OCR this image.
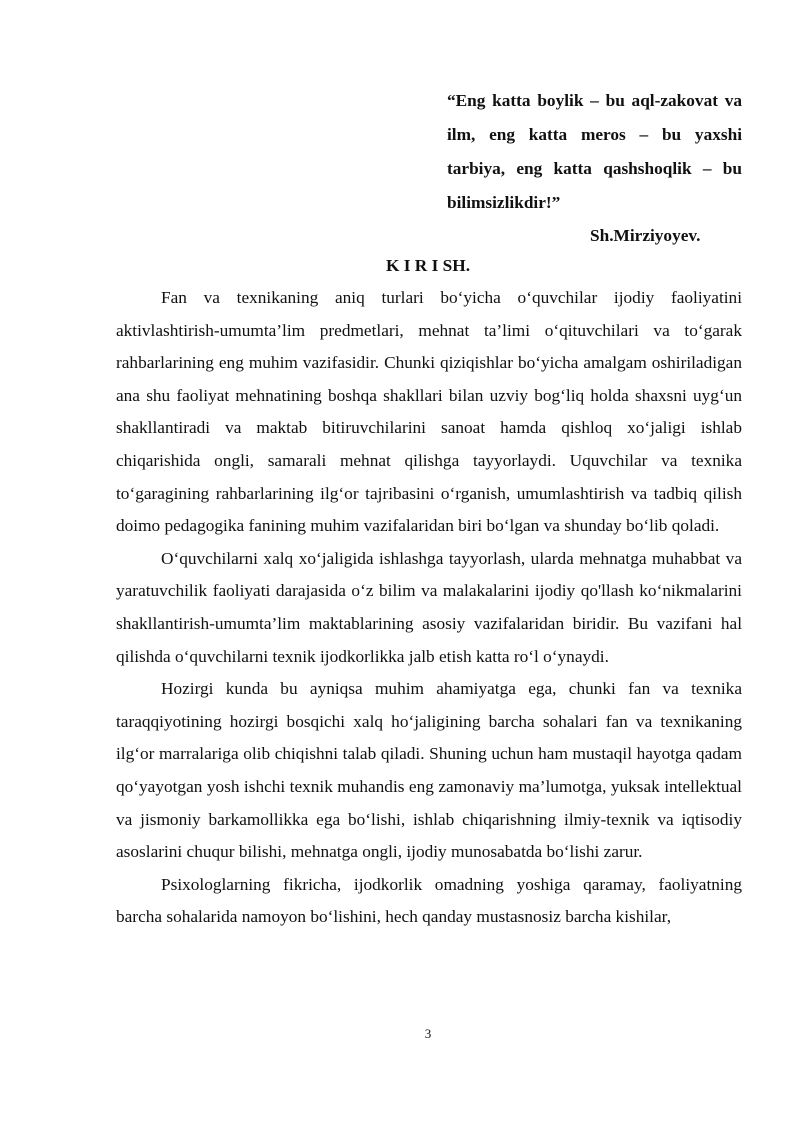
“Eng katta boylik – bu aql-zakovat va ilm, eng katta meros – bu yaxshi tarbiya, eng katta qashshoqlik – bu bilimsizlikdir!”
Sh.Mirziyoyev.
K I R I SH.

Fan va texnikaning aniq turlari bo‘yicha o‘quvchilar ijodiy faoliyatini aktivlashtirish-umumta’lim predmetlari, mehnat ta’limi o‘qituvchilari va to‘garak rahbarlarining eng muhim vazifasidir. Chunki qiziqishlar bo‘yicha amalgam oshiriladigan ana shu faoliyat mehnatining boshqa shakllari bilan uzviy bog‘liq holda shaxsni uyg‘un shakllantiradi va maktab bitiruvchilarini sanoat hamda qishloq xo‘jaligi ishlab chiqarishida ongli, samarali mehnat qilishga tayyorlaydi. Uquvchilar va texnika to‘garagining rahbarlarining ilg‘or tajribasini o‘rganish, umumlashtirish va tadbiq qilish doimo pedagogika fanining muhim vazifalaridan biri bo‘lgan va shunday bo‘lib qoladi.

O‘quvchilarni xalq xo‘jaligida ishlashga tayyorlash, ularda mehnatga muhabbat va yaratuvchilik faoliyati darajasida o‘z bilim va malakalarini ijodiy qo'llash ko‘nikmalarini shakllantirish-umumta’lim maktablarining asosiy vazifalaridan biridir. Bu vazifani hal qilishda o‘quvchilarni texnik ijodkorlikka jalb etish katta ro‘l o‘ynaydi.

Hozirgi kunda bu ayniqsa muhim ahamiyatga ega, chunki fan va texnika taraqqiyotining hozirgi bosqichi xalq ho‘jaligining barcha sohalari fan va texnikaning ilg‘or marralariga olib chiqishni talab qiladi. Shuning uchun ham mustaqil hayotga qadam qo‘yayotgan yosh ishchi texnik muhandis eng zamonaviy ma’lumotga, yuksak intellektual va jismoniy barkamollikka ega bo‘lishi, ishlab chiqarishning ilmiy-texnik va iqtisodiy asoslarini chuqur bilishi, mehnatga ongli, ijodiy munosabatda bo‘lishi zarur.

Psixologlarning fikricha, ijodkorlik omadning yoshiga qaramay, faoliyatning barcha sohalarida namoyon bo‘lishini, hech qanday mustasnosiz barcha kishilar,

3
